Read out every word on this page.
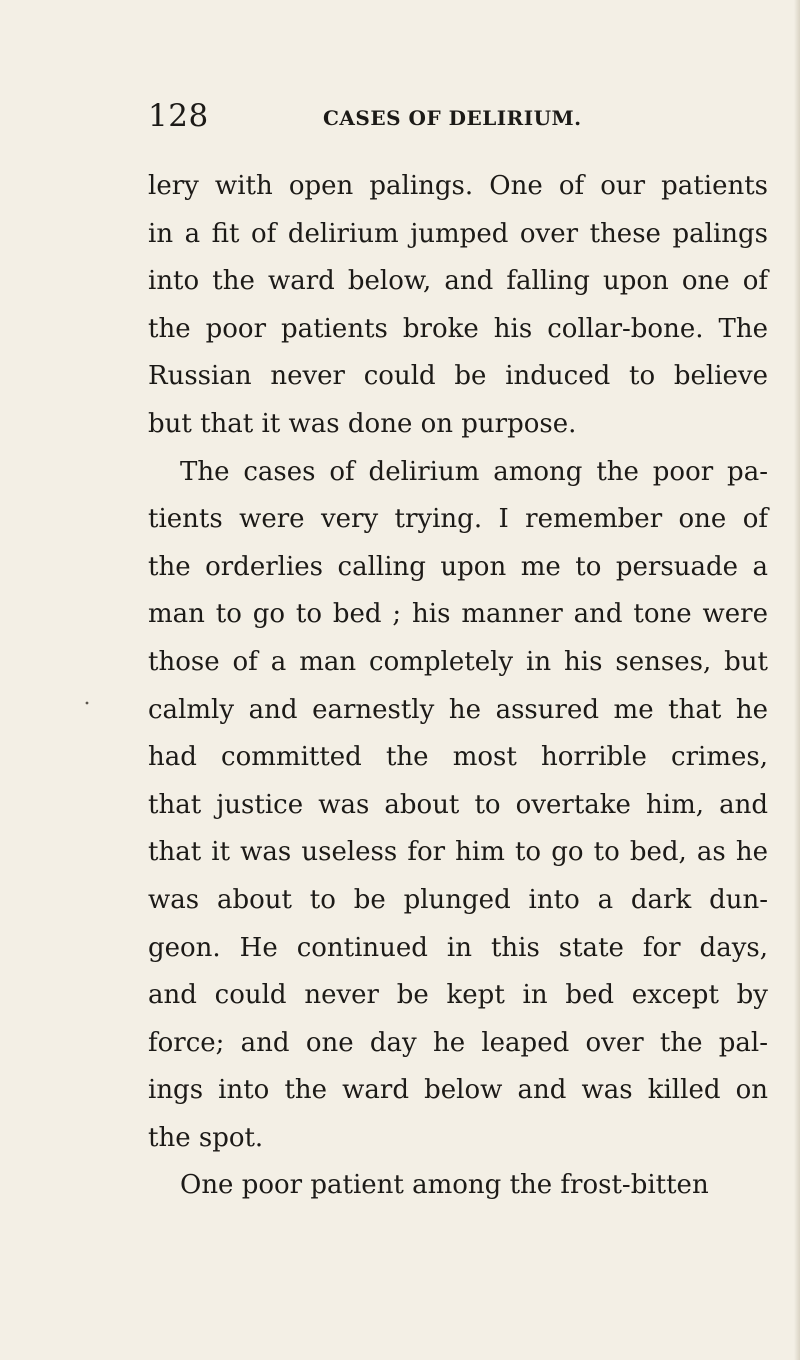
128	CASES OF DELIRIUM.
lery with open palings. One of our patients
in a fit of delirium jumped over these palings
into the ward below, and falling upon one of
the poor patients broke his collar-bone. The
Russian never could be induced to believe
but that it was done on purpose.
The cases of delirium among the poor pa-
tients were very trying. I remember one of
the orderlies calling upon me to persuade a
man to go to bed ; his manner and tone were
those of a man completely in his senses, but
calmly and earnestly he assured me that he
had committed the most horrible crimes,
that justice was about to overtake him, and
that it was useless for him to go to bed, as he
was about to be plunged into a dark dun-
geon. He continued in this state for days,
and could never be kept in bed except by
force; and one day he leaped over the pal-
ings into the ward below and was killed on
the spot.
One poor patient among the frost-bitten
